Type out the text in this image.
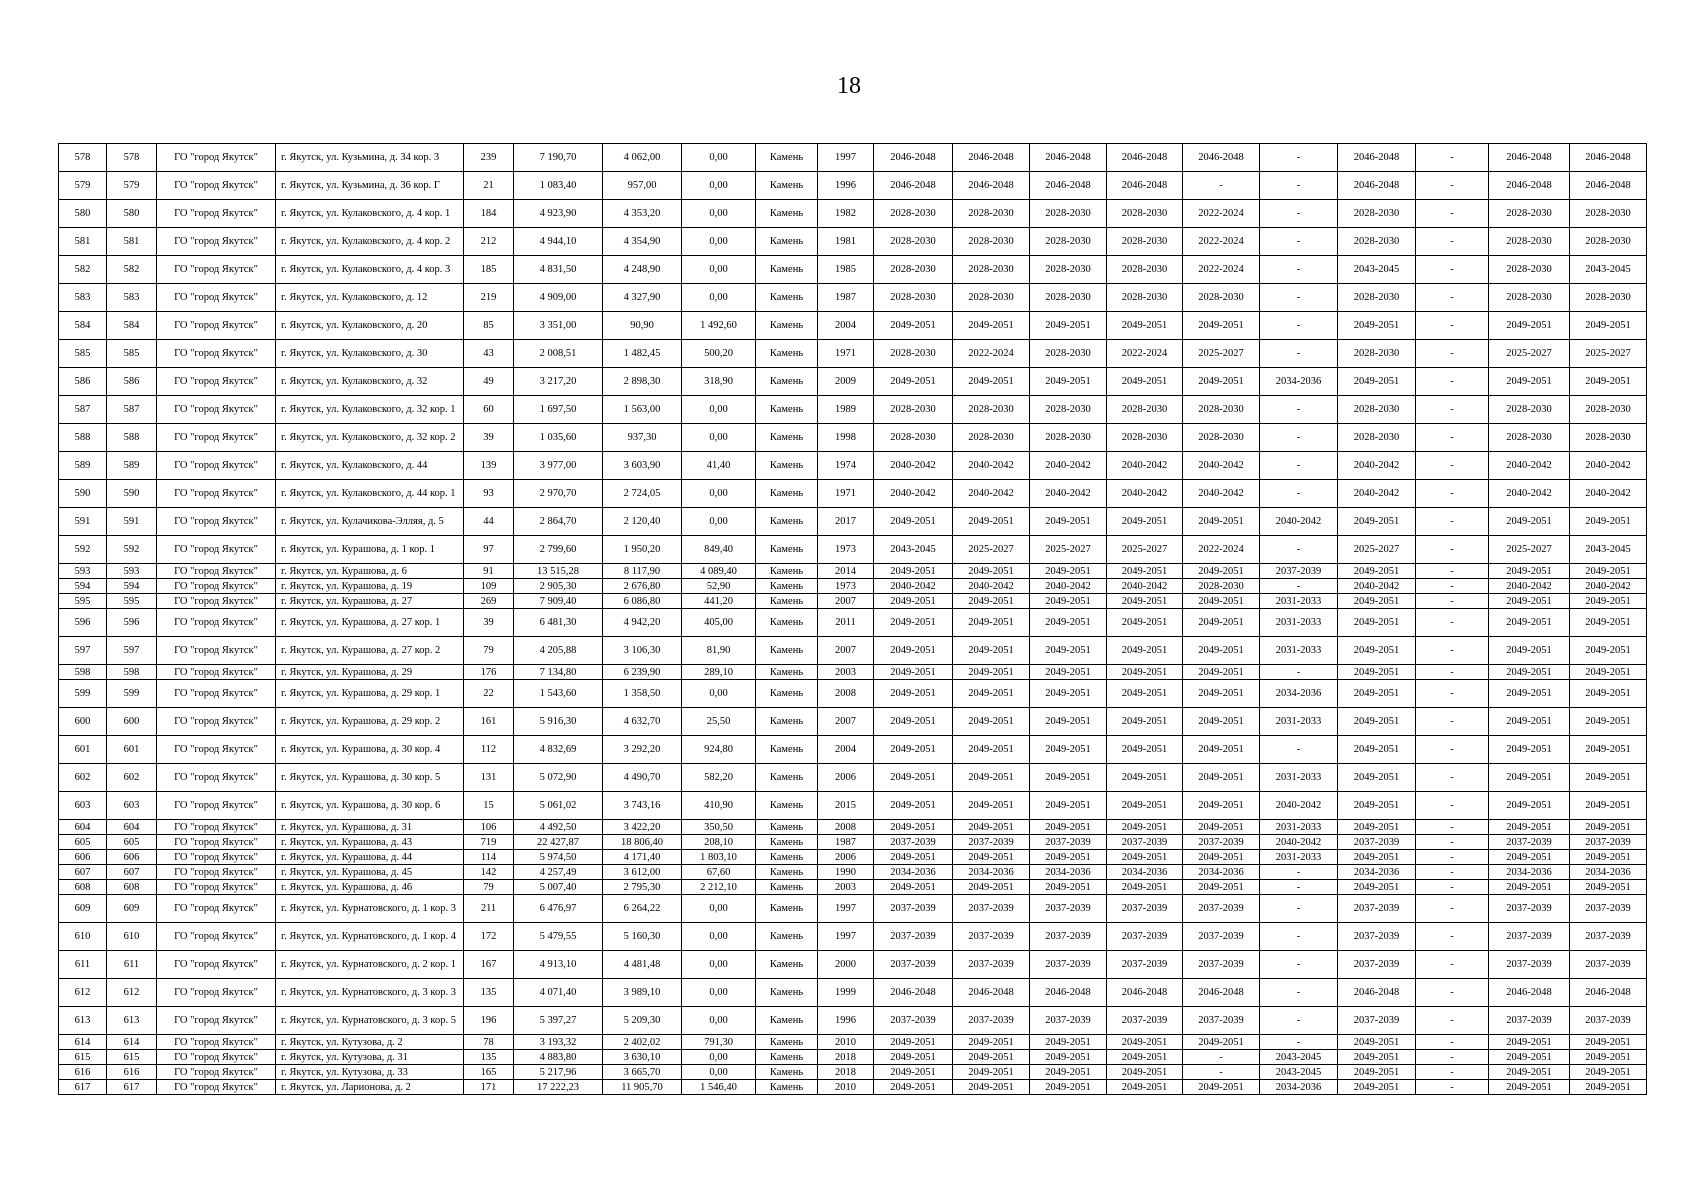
18
578	578	ГО "город Якутск"	г. Якутск, ул. Кузьмина, д. 34 кор. 3	239	7 190,70	4 062,00	0,00	Камень	1997	2046-2048	2046-2048	2046-2048	2046-2048	2046-2048	-	2046-2048	-	2046-2048	2046-2048
579	579	ГО "город Якутск"	г. Якутск, ул. Кузьмина, д. 36 кор. Г	21	1 083,40	957,00	0,00	Камень	1996	2046-2048	2046-2048	2046-2048	2046-2048	-	-	2046-2048	-	2046-2048	2046-2048
580	580	ГО "город Якутск"	г. Якутск, ул. Кулаковского, д. 4 кор. 1	184	4 923,90	4 353,20	0,00	Камень	1982	2028-2030	2028-2030	2028-2030	2028-2030	2022-2024	-	2028-2030	-	2028-2030	2028-2030
581	581	ГО "город Якутск"	г. Якутск, ул. Кулаковского, д. 4 кор. 2	212	4 944,10	4 354,90	0,00	Камень	1981	2028-2030	2028-2030	2028-2030	2028-2030	2022-2024	-	2028-2030	-	2028-2030	2028-2030
582	582	ГО "город Якутск"	г. Якутск, ул. Кулаковского, д. 4 кор. 3	185	4 831,50	4 248,90	0,00	Камень	1985	2028-2030	2028-2030	2028-2030	2028-2030	2022-2024	-	2043-2045	-	2028-2030	2043-2045
583	583	ГО "город Якутск"	г. Якутск, ул. Кулаковского, д. 12	219	4 909,00	4 327,90	0,00	Камень	1987	2028-2030	2028-2030	2028-2030	2028-2030	2028-2030	-	2028-2030	-	2028-2030	2028-2030
584	584	ГО "город Якутск"	г. Якутск, ул. Кулаковского, д. 20	85	3 351,00	90,90	1 492,60	Камень	2004	2049-2051	2049-2051	2049-2051	2049-2051	2049-2051	-	2049-2051	-	2049-2051	2049-2051
585	585	ГО "город Якутск"	г. Якутск, ул. Кулаковского, д. 30	43	2 008,51	1 482,45	500,20	Камень	1971	2028-2030	2022-2024	2028-2030	2022-2024	2025-2027	-	2028-2030	-	2025-2027	2025-2027
586	586	ГО "город Якутск"	г. Якутск, ул. Кулаковского, д. 32	49	3 217,20	2 898,30	318,90	Камень	2009	2049-2051	2049-2051	2049-2051	2049-2051	2049-2051	2034-2036	2049-2051	-	2049-2051	2049-2051
587	587	ГО "город Якутск"	г. Якутск, ул. Кулаковского, д. 32 кор. 1	60	1 697,50	1 563,00	0,00	Камень	1989	2028-2030	2028-2030	2028-2030	2028-2030	2028-2030	-	2028-2030	-	2028-2030	2028-2030
588	588	ГО "город Якутск"	г. Якутск, ул. Кулаковского, д. 32 кор. 2	39	1 035,60	937,30	0,00	Камень	1998	2028-2030	2028-2030	2028-2030	2028-2030	2028-2030	-	2028-2030	-	2028-2030	2028-2030
589	589	ГО "город Якутск"	г. Якутск, ул. Кулаковского, д. 44	139	3 977,00	3 603,90	41,40	Камень	1974	2040-2042	2040-2042	2040-2042	2040-2042	2040-2042	-	2040-2042	-	2040-2042	2040-2042
590	590	ГО "город Якутск"	г. Якутск, ул. Кулаковского, д. 44 кор. 1	93	2 970,70	2 724,05	0,00	Камень	1971	2040-2042	2040-2042	2040-2042	2040-2042	2040-2042	-	2040-2042	-	2040-2042	2040-2042
591	591	ГО "город Якутск"	г. Якутск, ул. Кулачикова-Элляя, д. 5	44	2 864,70	2 120,40	0,00	Камень	2017	2049-2051	2049-2051	2049-2051	2049-2051	2049-2051	2040-2042	2049-2051	-	2049-2051	2049-2051
592	592	ГО "город Якутск"	г. Якутск, ул. Курашова, д. 1 кор. 1	97	2 799,60	1 950,20	849,40	Камень	1973	2043-2045	2025-2027	2025-2027	2025-2027	2022-2024	-	2025-2027	-	2025-2027	2043-2045
593	593	ГО "город Якутск"	г. Якутск, ул. Курашова, д. 6	91	13 515,28	8 117,90	4 089,40	Камень	2014	2049-2051	2049-2051	2049-2051	2049-2051	2049-2051	2037-2039	2049-2051	-	2049-2051	2049-2051
594	594	ГО "город Якутск"	г. Якутск, ул. Курашова, д. 19	109	2 905,30	2 676,80	52,90	Камень	1973	2040-2042	2040-2042	2040-2042	2040-2042	2028-2030	-	2040-2042	-	2040-2042	2040-2042
595	595	ГО "город Якутск"	г. Якутск, ул. Курашова, д. 27	269	7 909,40	6 086,80	441,20	Камень	2007	2049-2051	2049-2051	2049-2051	2049-2051	2049-2051	2031-2033	2049-2051	-	2049-2051	2049-2051
596	596	ГО "город Якутск"	г. Якутск, ул. Курашова, д. 27 кор. 1	39	6 481,30	4 942,20	405,00	Камень	2011	2049-2051	2049-2051	2049-2051	2049-2051	2049-2051	2031-2033	2049-2051	-	2049-2051	2049-2051
597	597	ГО "город Якутск"	г. Якутск, ул. Курашова, д. 27 кор. 2	79	4 205,88	3 106,30	81,90	Камень	2007	2049-2051	2049-2051	2049-2051	2049-2051	2049-2051	2031-2033	2049-2051	-	2049-2051	2049-2051
598	598	ГО "город Якутск"	г. Якутск, ул. Курашова, д. 29	176	7 134,80	6 239,90	289,10	Камень	2003	2049-2051	2049-2051	2049-2051	2049-2051	2049-2051	-	2049-2051	-	2049-2051	2049-2051
599	599	ГО "город Якутск"	г. Якутск, ул. Курашова, д. 29 кор. 1	22	1 543,60	1 358,50	0,00	Камень	2008	2049-2051	2049-2051	2049-2051	2049-2051	2049-2051	2034-2036	2049-2051	-	2049-2051	2049-2051
600	600	ГО "город Якутск"	г. Якутск, ул. Курашова, д. 29 кор. 2	161	5 916,30	4 632,70	25,50	Камень	2007	2049-2051	2049-2051	2049-2051	2049-2051	2049-2051	2031-2033	2049-2051	-	2049-2051	2049-2051
601	601	ГО "город Якутск"	г. Якутск, ул. Курашова, д. 30 кор. 4	112	4 832,69	3 292,20	924,80	Камень	2004	2049-2051	2049-2051	2049-2051	2049-2051	2049-2051	-	2049-2051	-	2049-2051	2049-2051
602	602	ГО "город Якутск"	г. Якутск, ул. Курашова, д. 30 кор. 5	131	5 072,90	4 490,70	582,20	Камень	2006	2049-2051	2049-2051	2049-2051	2049-2051	2049-2051	2031-2033	2049-2051	-	2049-2051	2049-2051
603	603	ГО "город Якутск"	г. Якутск, ул. Курашова, д. 30 кор. 6	15	5 061,02	3 743,16	410,90	Камень	2015	2049-2051	2049-2051	2049-2051	2049-2051	2049-2051	2040-2042	2049-2051	-	2049-2051	2049-2051
604	604	ГО "город Якутск"	г. Якутск, ул. Курашова, д. 31	106	4 492,50	3 422,20	350,50	Камень	2008	2049-2051	2049-2051	2049-2051	2049-2051	2049-2051	2031-2033	2049-2051	-	2049-2051	2049-2051
605	605	ГО "город Якутск"	г. Якутск, ул. Курашова, д. 43	719	22 427,87	18 806,40	208,10	Камень	1987	2037-2039	2037-2039	2037-2039	2037-2039	2037-2039	2040-2042	2037-2039	-	2037-2039	2037-2039
606	606	ГО "город Якутск"	г. Якутск, ул. Курашова, д. 44	114	5 974,50	4 171,40	1 803,10	Камень	2006	2049-2051	2049-2051	2049-2051	2049-2051	2049-2051	2031-2033	2049-2051	-	2049-2051	2049-2051
607	607	ГО "город Якутск"	г. Якутск, ул. Курашова, д. 45	142	4 257,49	3 612,00	67,60	Камень	1990	2034-2036	2034-2036	2034-2036	2034-2036	2034-2036	-	2034-2036	-	2034-2036	2034-2036
608	608	ГО "город Якутск"	г. Якутск, ул. Курашова, д. 46	79	5 007,40	2 795,30	2 212,10	Камень	2003	2049-2051	2049-2051	2049-2051	2049-2051	2049-2051	-	2049-2051	-	2049-2051	2049-2051
609	609	ГО "город Якутск"	г. Якутск, ул. Курнатовского, д. 1 кор. 3	211	6 476,97	6 264,22	0,00	Камень	1997	2037-2039	2037-2039	2037-2039	2037-2039	2037-2039	-	2037-2039	-	2037-2039	2037-2039
610	610	ГО "город Якутск"	г. Якутск, ул. Курнатовского, д. 1 кор. 4	172	5 479,55	5 160,30	0,00	Камень	1997	2037-2039	2037-2039	2037-2039	2037-2039	2037-2039	-	2037-2039	-	2037-2039	2037-2039
611	611	ГО "город Якутск"	г. Якутск, ул. Курнатовского, д. 2 кор. 1	167	4 913,10	4 481,48	0,00	Камень	2000	2037-2039	2037-2039	2037-2039	2037-2039	2037-2039	-	2037-2039	-	2037-2039	2037-2039
612	612	ГО "город Якутск"	г. Якутск, ул. Курнатовского, д. 3 кор. 3	135	4 071,40	3 989,10	0,00	Камень	1999	2046-2048	2046-2048	2046-2048	2046-2048	2046-2048	-	2046-2048	-	2046-2048	2046-2048
613	613	ГО "город Якутск"	г. Якутск, ул. Курнатовского, д. 3 кор. 5	196	5 397,27	5 209,30	0,00	Камень	1996	2037-2039	2037-2039	2037-2039	2037-2039	2037-2039	-	2037-2039	-	2037-2039	2037-2039
614	614	ГО "город Якутск"	г. Якутск, ул. Кутузова, д. 2	78	3 193,32	2 402,02	791,30	Камень	2010	2049-2051	2049-2051	2049-2051	2049-2051	2049-2051	-	2049-2051	-	2049-2051	2049-2051
615	615	ГО "город Якутск"	г. Якутск, ул. Кутузова, д. 31	135	4 883,80	3 630,10	0,00	Камень	2018	2049-2051	2049-2051	2049-2051	2049-2051	-	2043-2045	2049-2051	-	2049-2051	2049-2051
616	616	ГО "город Якутск"	г. Якутск, ул. Кутузова, д. 33	165	5 217,96	3 665,70	0,00	Камень	2018	2049-2051	2049-2051	2049-2051	2049-2051	-	2043-2045	2049-2051	-	2049-2051	2049-2051
617	617	ГО "город Якутск"	г. Якутск, ул. Ларионова, д. 2	171	17 222,23	11 905,70	1 546,40	Камень	2010	2049-2051	2049-2051	2049-2051	2049-2051	2049-2051	2034-2036	2049-2051	-	2049-2051	2049-2051
